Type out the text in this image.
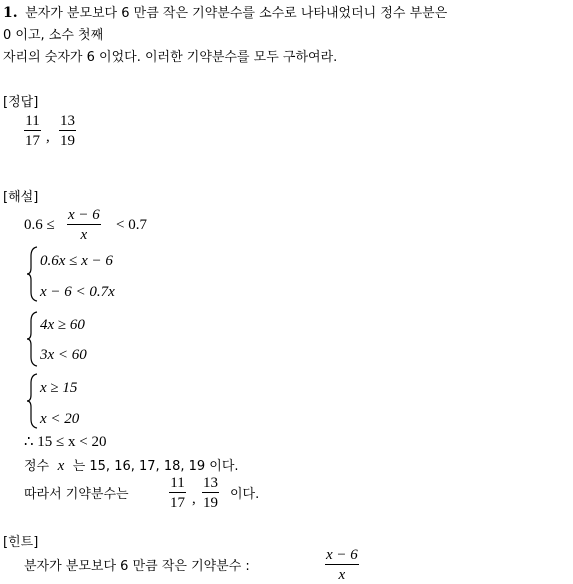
1. 분자가 분모보다 6 만큼 작은 기약분수를 소수로 나타내었더니 정수 부분은
0 이고, 소수 첫째
자리의 숫자가 6 이었다. 이러한 기약분수를 모두 구하여라.
[정답]
11
17 ,
13
19
[해설]
0.6 ≤
x − 6
x
< 0.7
0.6x ≤ x − 6
x − 6 < 0.7x
4x ≥ 60
3x < 60
x ≥ 15
x < 20
∴ 15 ≤ x < 20
정수 x 는 15, 16, 17, 18, 19 이다.
따라서 기약분수는
11
17 ,
13
19
이다.
[힌트]
분자가 분모보다 6 만큼 작은 기약분수 :
x − 6
x
